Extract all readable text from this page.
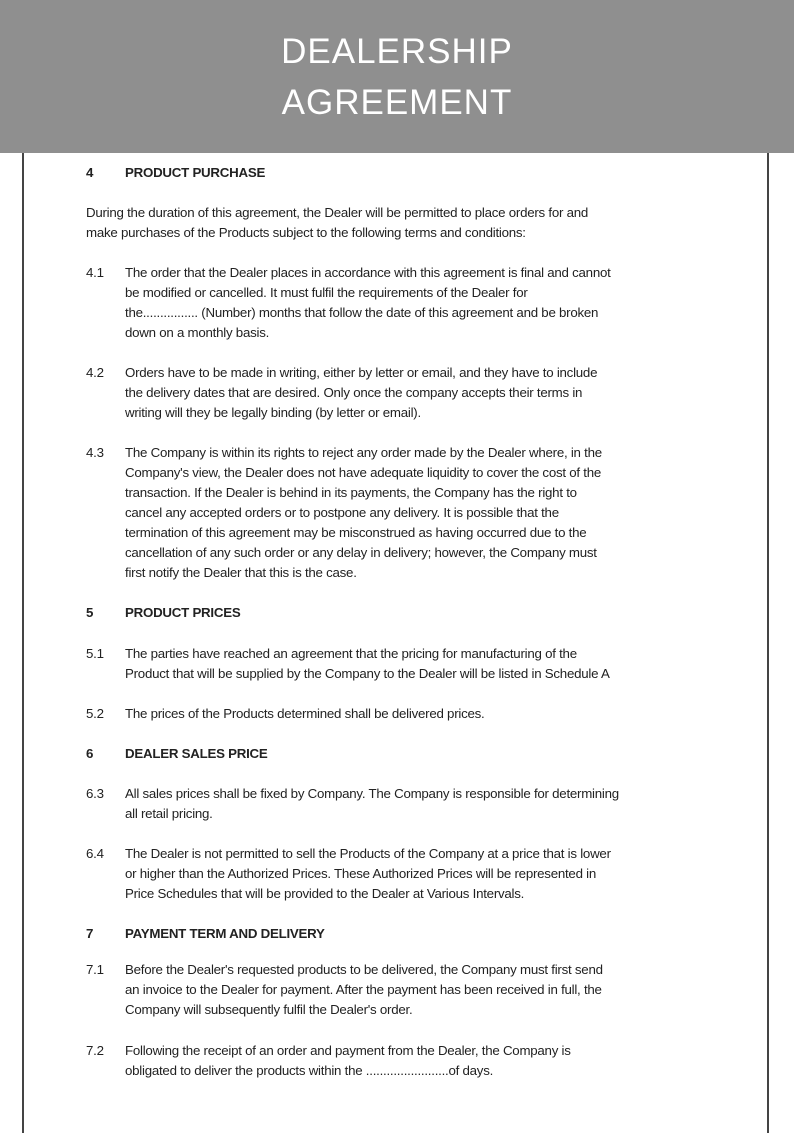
DEALERSHIP
AGREEMENT
4 PRODUCT PURCHASE
During the duration of this agreement, the Dealer will be permitted to place orders for and
make purchases of the Products subject to the following terms and conditions:
4.1 The order that the Dealer places in accordance with this agreement is final and cannot
be modified or cancelled. It must fulfil the requirements of the Dealer for
the................ (Number) months that follow the date of this agreement and be broken
down on a monthly basis.
4.2 Orders have to be made in writing, either by letter or email, and they have to include
the delivery dates that are desired. Only once the company accepts their terms in
writing will they be legally binding (by letter or email).
4.3 The Company is within its rights to reject any order made by the Dealer where, in the
Company's view, the Dealer does not have adequate liquidity to cover the cost of the
transaction. If the Dealer is behind in its payments, the Company has the right to
cancel any accepted orders or to postpone any delivery. It is possible that the
termination of this agreement may be misconstrued as having occurred due to the
cancellation of any such order or any delay in delivery; however, the Company must
first notify the Dealer that this is the case.
5 PRODUCT PRICES
5.1 The parties have reached an agreement that the pricing for manufacturing of the
Product that will be supplied by the Company to the Dealer will be listed in Schedule A
5.2 The prices of the Products determined shall be delivered prices.
6 DEALER SALES PRICE
6.3 All sales prices shall be fixed by Company. The Company is responsible for determining
all retail pricing.
6.4 The Dealer is not permitted to sell the Products of the Company at a price that is lower
or higher than the Authorized Prices. These Authorized Prices will be represented in
Price Schedules that will be provided to the Dealer at Various Intervals.
7 PAYMENT TERM AND DELIVERY
7.1 Before the Dealer's requested products to be delivered, the Company must first send
an invoice to the Dealer for payment. After the payment has been received in full, the
Company will subsequently fulfil the Dealer's order.
7.2 Following the receipt of an order and payment from the Dealer, the Company is
obligated to deliver the products within the ........................of days.
